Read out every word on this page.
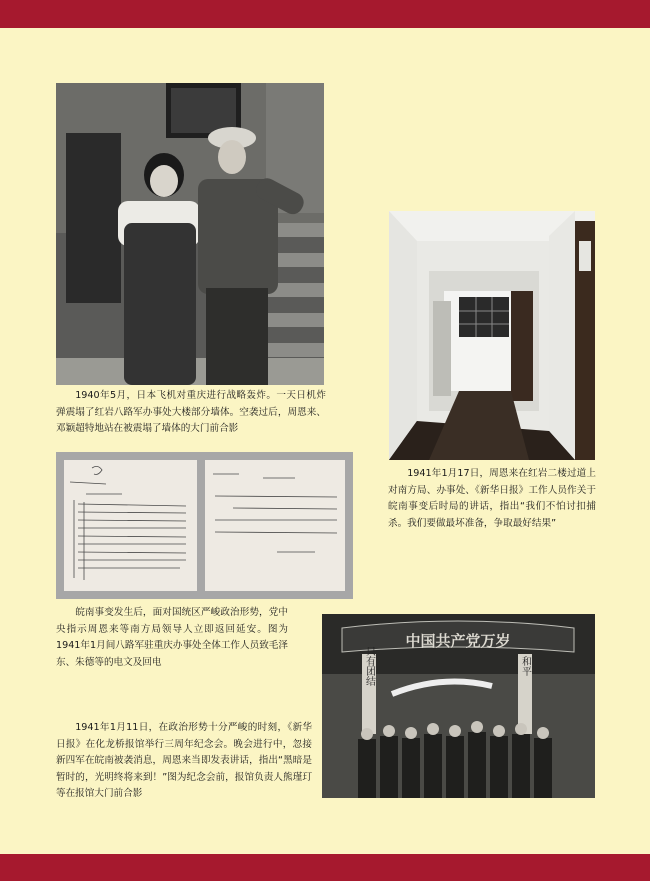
1940年5月，日本飞机对重庆进行战略轰炸。一天日机炸弹震塌了红岩八路军办事处大楼部分墙体。空袭过后，周恩来、邓颖超特地站在被震塌了墙体的大门前合影

1941年1月17日，周恩来在红岩二楼过道上对南方局、办事处、《新华日报》工作人员作关于皖南事变后时局的讲话，指出“我们不怕讨扣捕杀。我们要做最坏准备，争取最好结果”

皖南事变发生后，面对国统区严峻政治形势，党中央指示周恩来等南方局领导人立即返回延安。图为1941年1月间八路军驻重庆办事处全体工作人员致毛泽东、朱德等的电文及回电

中国共产党万岁
只有团结	和平

1941年1月11日，在政治形势十分严峻的时刻，《新华日报》在化龙桥报馆举行三周年纪念会。晚会进行中，忽接新四军在皖南被袭消息，周恩来当即发表讲话，指出“黑暗是暂时的，光明终将来到！”图为纪念会前，报馆负责人熊瑾玎等在报馆大门前合影
